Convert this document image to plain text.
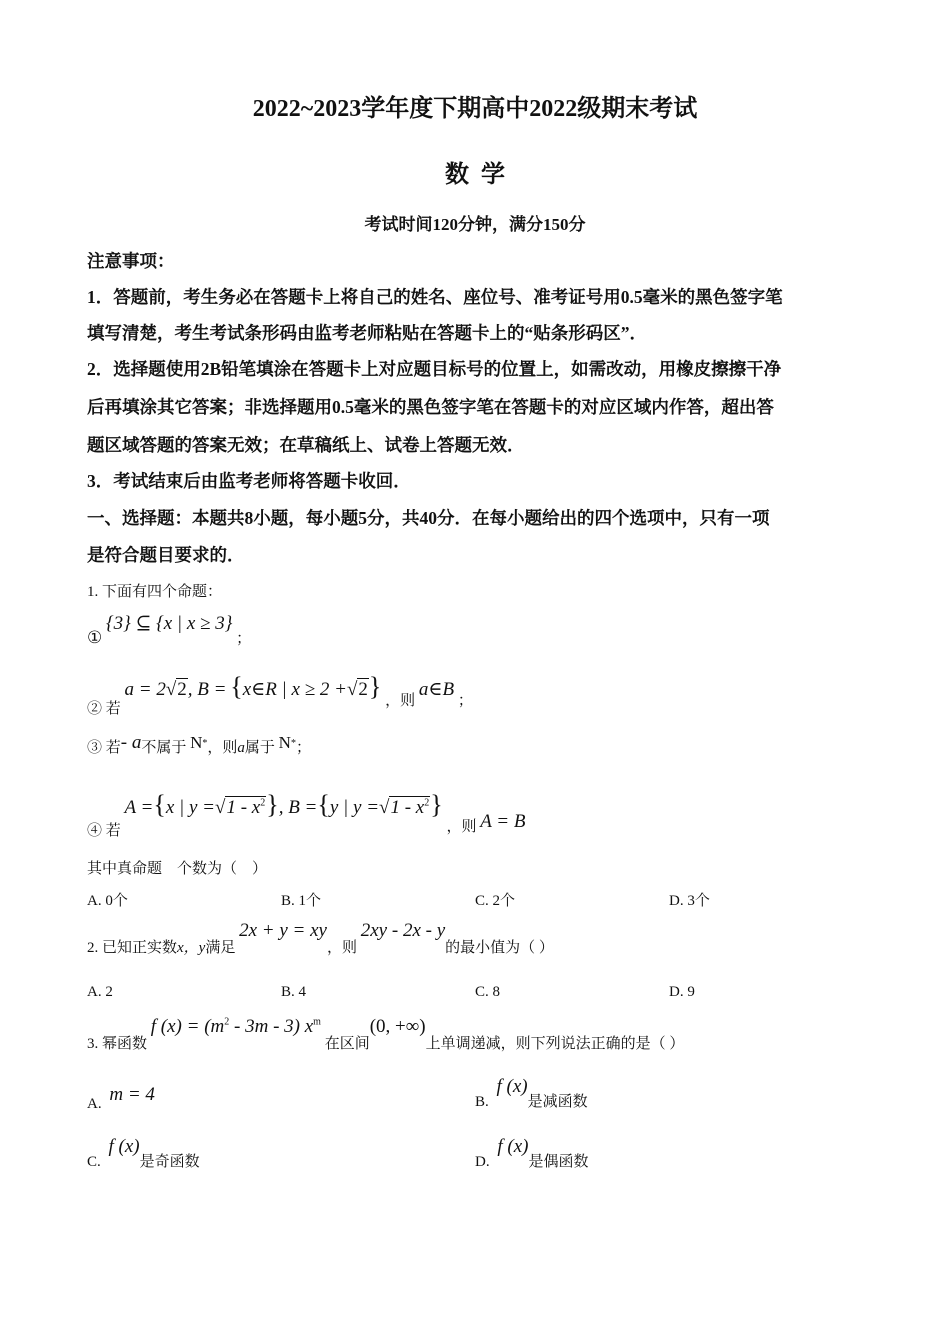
2022~2023学年度下期高中2022级期末考试
数  学
考试时间120分钟，满分150分
注意事项：
1．答题前，考生务必在答题卡上将自己的姓名、座位号、准考证号用0.5毫米的黑色签字笔
填写清楚，考生考试条形码由监考老师粘贴在答题卡上的“贴条形码区”．
2．选择题使用2B铅笔填涂在答题卡上对应题目标号的位置上，如需改动，用橡皮擦擦干净
后再填涂其它答案；非选择题用0.5毫米的黑色签字笔在答题卡的对应区域内作答，超出答
题区域答题的答案无效；在草稿纸上、试卷上答题无效．
3．考试结束后由监考老师将答题卡收回．
一、选择题：本题共8小题，每小题5分，共40分．在每小题给出的四个选项中，只有一项
是符合题目要求的．
1. 下面有四个命题：
① {3} ⊆ {x | x ≥ 3} ；
② 若 a = 2√2, B = {x∈R | x ≥ 2 +√2} ，则 a∈B ；
③ 若- a不属于 N*，则a属于 N*；
④ 若 A ={x | $y =√1 - x^2$}, B ={y | $y =√1 - x^2$} ，则 A = B
其中真命题    个数为（    ）
A. 0个	B. 1个	C. 2个	D. 3个
2. 已知正实数x，y满足 2x + y = xy，则 2xy - 2x - y的最小值为（ ）
A. 2	B. 4	C. 8	D. 9
3. 幂函数 f $(x) = (m^2 - 3m - 3)$ $x^m$ 在区间(0, +∞)上单调递减，则下列说法正确的是（ ）
A. m = 4	B. f (x)是减函数
C. f (x)是奇函数	D. f (x)是偶函数
